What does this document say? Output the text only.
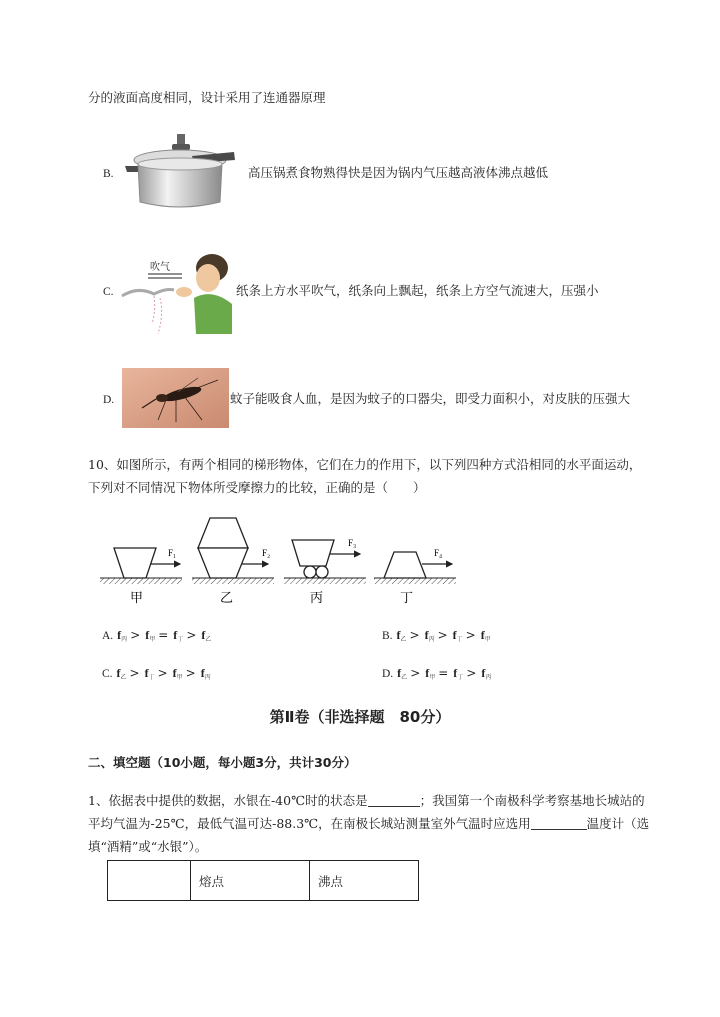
分的液面高度相同，设计采用了连通器原理
B.	高压锅煮食物熟得快是因为锅内气压越高液体沸点越低
C.
吹气
纸条上方水平吹气，纸条向上飘起，纸条上方空气流速大，压强小
D.	蚊子能吸食人血，是因为蚊子的口器尖，即受力面积小，对皮肤的压强大
10、如图所示，有两个相同的梯形物体，它们在力的作用下，以下列四种方式沿相同的水平面运动，
下列对不同情况下物体所受摩擦力的比较，正确的是（　　）
F₁	F₂
F₃
F₄
甲	乙	丙	丁
A. $f_丙 > f_甲 = f_丁 > f_乙$	B. $f_乙 > f_丙 > f_丁 > f_甲$
C. $f_乙 > f_丁 > f_甲 > f_丙$	D. $f_乙 > f_甲 = f_丁 > f_丙$
第Ⅱ卷（非选择题　80分）
二、填空题（10小题，每小题3分，共计30分）
1、依据表中提供的数据，水银在-40℃时的状态是	；我国第一个南极科学考察基地长城站的
平均气温为-25℃，最低气温可达-88.3℃，在南极长城站测量室外气温时应选用	温度计（选
填“酒精”或“水银”）。
	熔点	沸点
